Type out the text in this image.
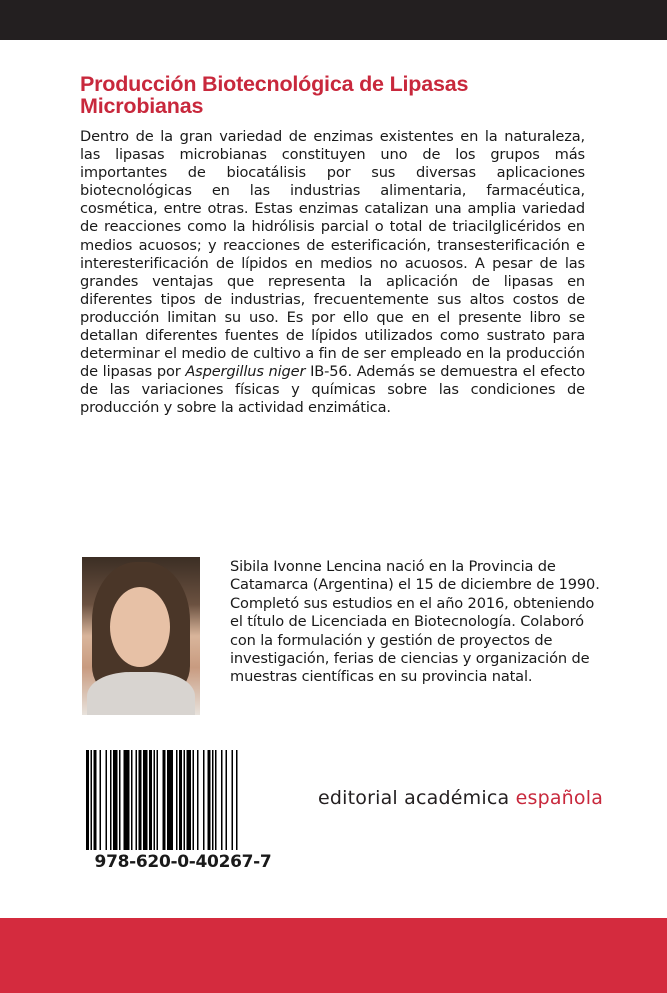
Producción Biotecnológica de Lipasas Microbianas
Dentro de la gran variedad de enzimas existentes en la naturaleza, las lipasas microbianas constituyen uno de los grupos más importantes de biocatálisis por sus diversas aplicaciones biotecnológicas en las industrias alimentaria, farmacéutica, cosmética, entre otras. Estas enzimas catalizan una amplia variedad de reacciones como la hidrólisis parcial o total de triacilglicéridos en medios acuosos; y reacciones de esterificación, transesterificación e interesterificación de lípidos en medios no acuosos. A pesar de las grandes ventajas que representa la aplicación de lipasas en diferentes tipos de industrias, frecuentemente sus altos costos de producción limitan su uso. Es por ello que en el presente libro se detallan diferentes fuentes de lípidos utilizados como sustrato para determinar el medio de cultivo a fin de ser empleado en la producción de lipasas por Aspergillus niger IB-56. Además se demuestra el efecto de las variaciones físicas y químicas sobre las condiciones de producción y sobre la actividad enzimática.
Sibila Ivonne Lencina nació en la Provincia de Catamarca (Argentina) el 15 de diciembre de 1990. Completó sus estudios en el año 2016, obteniendo el título de Licenciada en Biotecnología. Colaboró con la formulación y gestión de proyectos de investigación, ferias de ciencias y organización de muestras científicas en su provincia natal.
978-620-0-40267-7
editorial académica española
